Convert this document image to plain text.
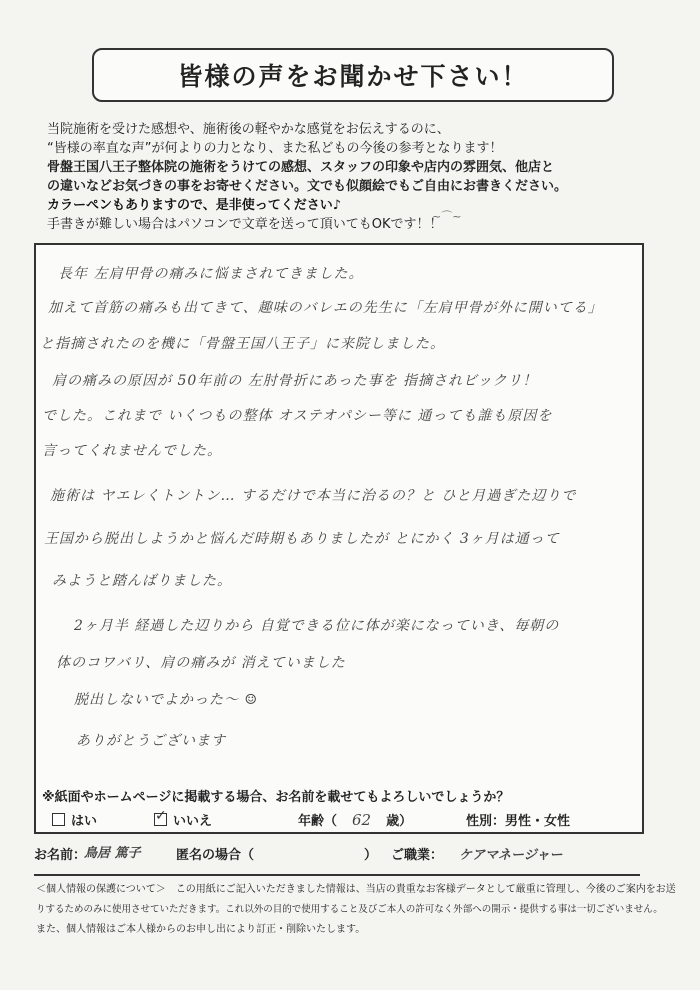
皆様の声をお聞かせ下さい！
当院施術を受けた感想や、施術後の軽やかな感覚をお伝えするのに、
“皆様の率直な声”が何よりの力となり、また私どもの今後の参考となります！
骨盤王国八王子整体院の施術をうけての感想、スタッフの印象や店内の雰囲気、他店と
の違いなどお気づきの事をお寄せください。文でも似顔絵でもご自由にお書きください。
カラーペンもありますので、是非使ってください♪
手書きが難しい場合はパソコンで文章を送って頂いてもOKです！！
~⌒~
長年 左肩甲骨の痛みに悩まされてきました。
加えて首筋の痛みも出てきて、趣味のバレエの先生に「左肩甲骨が外に開いてる」
と指摘されたのを機に「骨盤王国八王子」に来院しました。
肩の痛みの原因が 50年前の 左肘骨折にあった事を 指摘されビックリ！
でした。これまで いくつもの整体 オステオパシー等に 通っても誰も原因を
言ってくれませんでした。
施術は ヤエレくトントン… するだけで本当に治るの？と ひと月過ぎた辺りで
王国から脱出しようかと悩んだ時期もありましたが とにかく 3ヶ月は通って
みようと踏んばりました。
2ヶ月半 経過した辺りから 自覚できる位に体が楽になっていき、毎朝の
体のコワバリ、肩の痛みが 消えていました
脱出しないでよかった〜 ☺
ありがとうございます
※紙面やホームページに掲載する場合、お名前を載せてもよろしいでしょうか？
はい
✓	いいえ	年齢（ 62 歳）	性別：男性・女性
お名前：
鳥居 篤子	匿名の場合（	） ご職業： ケアマネージャー
＜個人情報の保護について＞　 この用紙にご記入いただきました情報は、当店の貴重なお客様データとして厳重に管理し、今後のご案内をお送
りするためのみに使用させていただきます。これ以外の目的で使用すること及びご本人の許可なく外部への開示・提供する事は一切ございません。
また、個人情報はご本人様からのお申し出により訂正・削除いたします。
